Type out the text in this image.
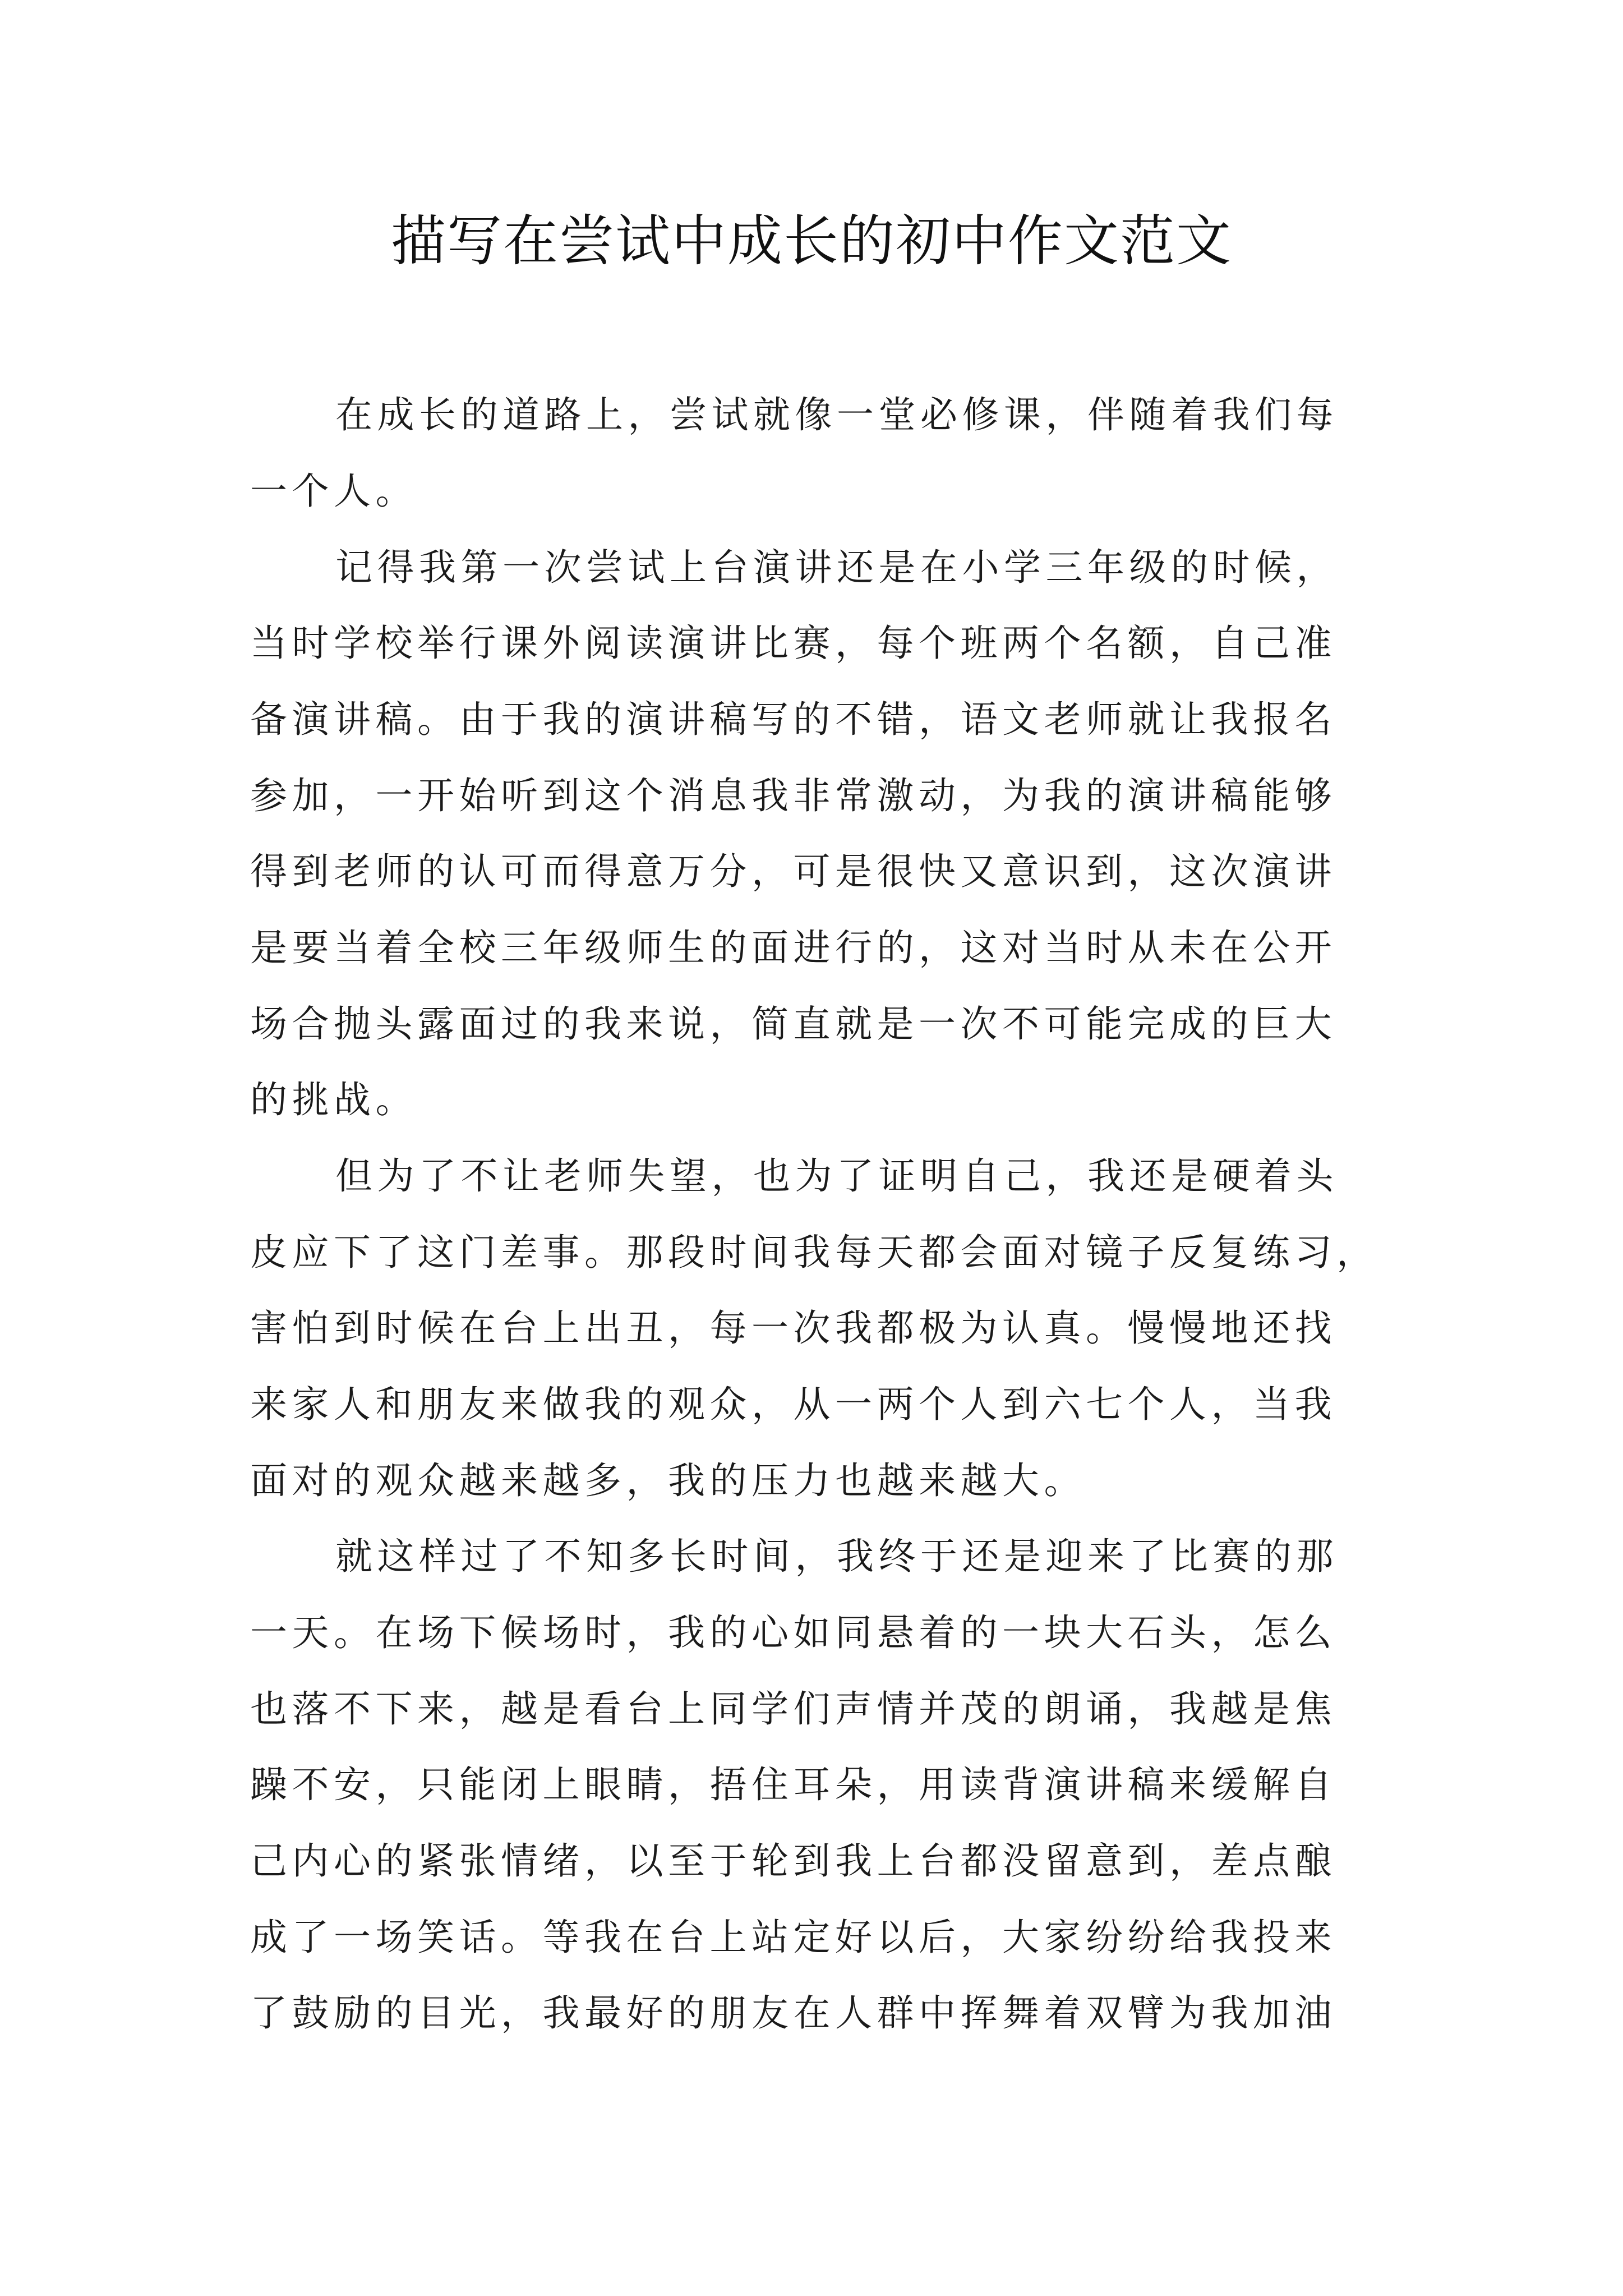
描写在尝试中成长的初中作文范文

在成长的道路上，尝试就像一堂必修课，伴随着我们每

一个人。

记得我第一次尝试上台演讲还是在小学三年级的时候，

当时学校举行课外阅读演讲比赛，每个班两个名额，自己准

备演讲稿。由于我的演讲稿写的不错，语文老师就让我报名

参加，一开始听到这个消息我非常激动，为我的演讲稿能够

得到老师的认可而得意万分，可是很快又意识到，这次演讲

是要当着全校三年级师生的面进行的，这对当时从未在公开

场合抛头露面过的我来说，简直就是一次不可能完成的巨大

的挑战。

但为了不让老师失望，也为了证明自己，我还是硬着头

皮应下了这门差事。那段时间我每天都会面对镜子反复练习，

害怕到时候在台上出丑，每一次我都极为认真。慢慢地还找

来家人和朋友来做我的观众，从一两个人到六七个人，当我

面对的观众越来越多，我的压力也越来越大。

就这样过了不知多长时间，我终于还是迎来了比赛的那

一天。在场下候场时，我的心如同悬着的一块大石头，怎么

也落不下来，越是看台上同学们声情并茂的朗诵，我越是焦

躁不安，只能闭上眼睛，捂住耳朵，用读背演讲稿来缓解自

己内心的紧张情绪，以至于轮到我上台都没留意到，差点酿

成了一场笑话。等我在台上站定好以后，大家纷纷给我投来

了鼓励的目光，我最好的朋友在人群中挥舞着双臂为我加油
